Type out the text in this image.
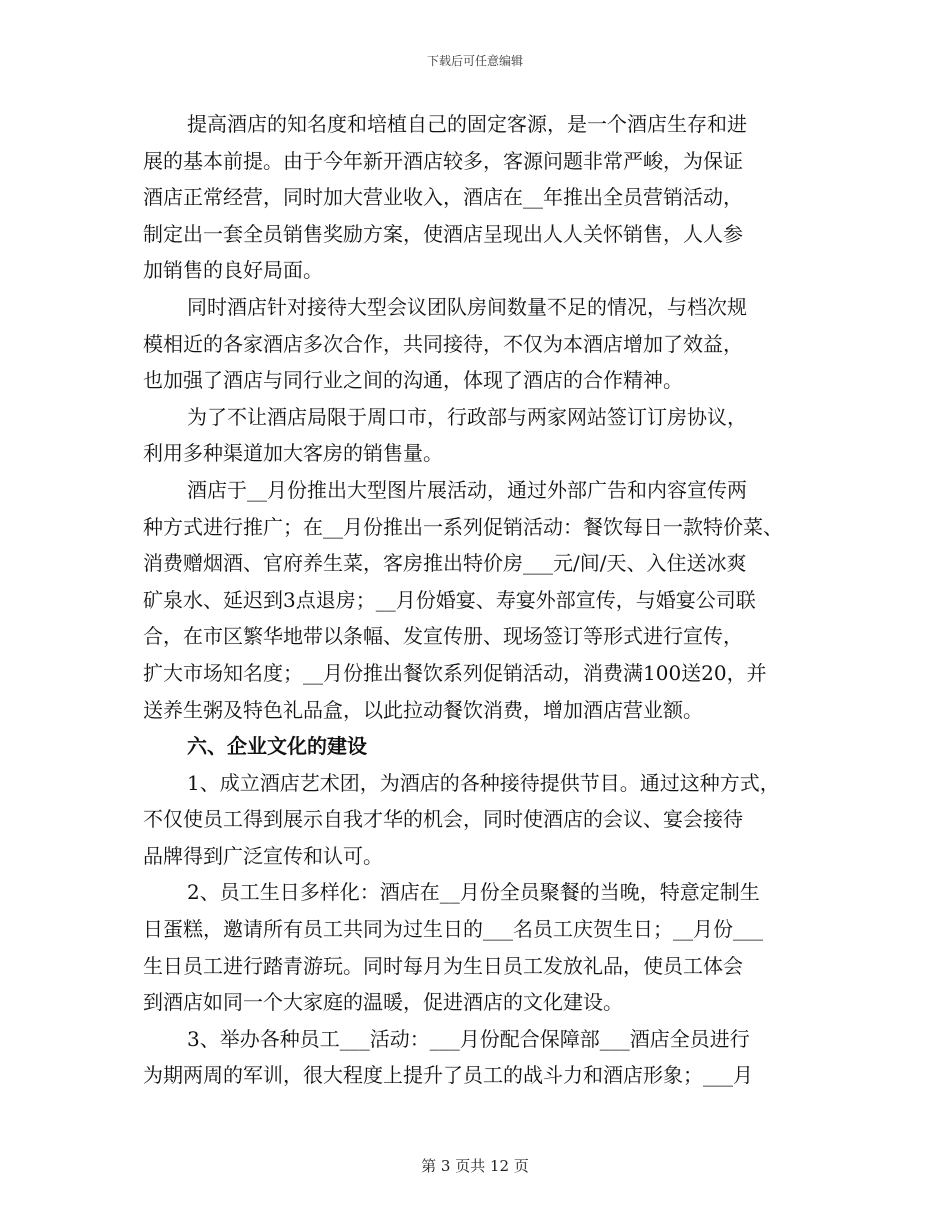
下载后可任意编辑
提高酒店的知名度和培植自己的固定客源，是一个酒店生存和进
展的基本前提。由于今年新开酒店较多，客源问题非常严峻，为保证
酒店正常经营，同时加大营业收入，酒店在__年推出全员营销活动，
制定出一套全员销售奖励方案，使酒店呈现出人人关怀销售，人人参
加销售的良好局面。
同时酒店针对接待大型会议团队房间数量不足的情况，与档次规
模相近的各家酒店多次合作，共同接待，不仅为本酒店增加了效益，
也加强了酒店与同行业之间的沟通，体现了酒店的合作精神。
为了不让酒店局限于周口市，行政部与两家网站签订订房协议，
利用多种渠道加大客房的销售量。
酒店于__月份推出大型图片展活动，通过外部广告和内容宣传两
种方式进行推广；在__月份推出一系列促销活动：餐饮每日一款特价菜、
消费赠烟酒、官府养生菜，客房推出特价房___元/间/天、入住送冰爽
矿泉水、延迟到3点退房；__月份婚宴、寿宴外部宣传，与婚宴公司联
合，在市区繁华地带以条幅、发宣传册、现场签订等形式进行宣传，
扩大市场知名度；__月份推出餐饮系列促销活动，消费满100送20，并
送养生粥及特色礼品盒，以此拉动餐饮消费，增加酒店营业额。
六、企业文化的建设
1、成立酒店艺术团，为酒店的各种接待提供节目。通过这种方式，
不仅使员工得到展示自我才华的机会，同时使酒店的会议、宴会接待
品牌得到广泛宣传和认可。
2、员工生日多样化：酒店在__月份全员聚餐的当晚，特意定制生
日蛋糕，邀请所有员工共同为过生日的___名员工庆贺生日；__月份___
生日员工进行踏青游玩。同时每月为生日员工发放礼品，使员工体会
到酒店如同一个大家庭的温暖，促进酒店的文化建设。
3、举办各种员工___活动：___月份配合保障部___酒店全员进行
为期两周的军训，很大程度上提升了员工的战斗力和酒店形象；___月
第 3 页共 12 页
